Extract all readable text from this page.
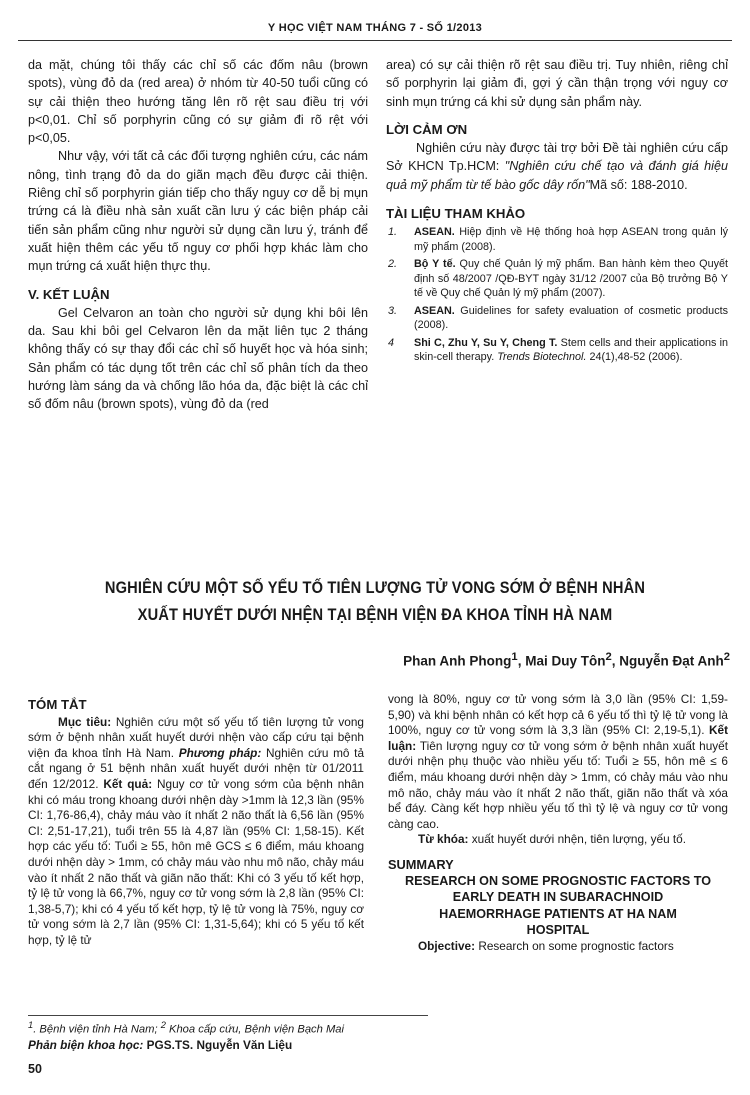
Y HỌC VIỆT NAM THÁNG 7 - SỐ 1/2013

da mặt, chúng tôi thấy các chỉ số các đốm nâu (brown spots), vùng đỏ da (red area) ở nhóm từ 40-50 tuổi cũng có sự cải thiện theo hướng tăng lên rõ rệt sau điều trị với p<0,01. Chỉ số porphyrin cũng có sự giảm đi rõ rệt với p<0,05.

Như vậy, với tất cả các đối tượng nghiên cứu, các nám nông, tình trạng đỏ da do giãn mạch đều được cải thiện. Riêng chỉ số porphyrin gián tiếp cho thấy nguy cơ dễ bị mụn trứng cá là điều nhà sản xuất cần lưu ý các biện pháp cải tiến sản phẩm cũng như người sử dụng cần lưu ý, tránh để xuất hiện thêm các yếu tố nguy cơ phối hợp khác làm cho mụn trứng cá xuất hiện thực thụ.

V. KẾT LUẬN

Gel Celvaron an toàn cho người sử dụng khi bôi lên da. Sau khi bôi gel Celvaron lên da mặt liên tục 2 tháng không thấy có sự thay đổi các chỉ số huyết học và hóa sinh; Sản phẩm có tác dụng tốt trên các chỉ số phân tích da theo hướng làm sáng da và chống lão hóa da, đặc biệt là các chỉ số đốm nâu (brown spots), vùng đỏ da (red

area) có sự cải thiện rõ rệt sau điều trị. Tuy nhiên, riêng chỉ số porphyrin lại giảm đi, gợi ý cần thận trọng với nguy cơ sinh mụn trứng cá khi sử dụng sản phẩm này.

LỜI CẢM ƠN

Nghiên cứu này được tài trợ bởi Đề tài nghiên cứu cấp Sở KHCN Tp.HCM: "Nghiên cứu chế tạo và đánh giá hiệu quả mỹ phẩm từ tế bào gốc dây rốn"Mã số: 188-2010.

TÀI LIỆU THAM KHẢO

1. ASEAN. Hiệp định về Hệ thống hoà hợp ASEAN trong quản lý mỹ phẩm (2008).
2. Bộ Y tế. Quy chế Quản lý mỹ phẩm. Ban hành kèm theo Quyết định số 48/2007 /QĐ-BYT ngày 31/12 /2007 của Bộ trưởng Bộ Y tế về Quy chế Quản lý mỹ phẩm (2007).
3. ASEAN. Guidelines for safety evaluation of cosmetic products (2008).
4 Shi C, Zhu Y, Su Y, Cheng T. Stem cells and their applications in skin-cell therapy. Trends Biotechnol. 24(1),48-52 (2006).
NGHIÊN CỨU MỘT SỐ YẾU TỐ TIÊN LƯỢNG TỬ VONG SỚM Ở BỆNH NHÂN
XUẤT HUYẾT DƯỚI NHỆN TẠI BỆNH VIỆN ĐA KHOA TỈNH HÀ NAM
Phan Anh Phong$^1$, Mai Duy Tôn$^2$, Nguyễn Đạt Anh$^2$

TÓM TẮT

Mục tiêu: Nghiên cứu một số yếu tố tiên lượng tử vong sớm ở bệnh nhân xuất huyết dưới nhện vào cấp cứu tại bệnh viện đa khoa tỉnh Hà Nam. Phương pháp: Nghiên cứu mô tả cắt ngang ở 51 bệnh nhân xuất huyết dưới nhện từ 01/2011 đến 12/2012. Kết quả: Nguy cơ tử vong sớm của bệnh nhân khi có máu trong khoang dưới nhện dày >1mm là 12,3 lần (95% CI: 1,76-86,4), chảy máu vào ít nhất 2 não thất là 6,56 lần (95% CI: 2,51-17,21), tuổi trên 55 là 4,87 lần (95% CI: 1,58-15). Kết hợp các yếu tố: Tuổi ≥ 55, hôn mê GCS ≤ 6 điểm, máu khoang dưới nhện dày > 1mm, có chảy máu vào nhu mô não, chảy máu vào ít nhất 2 não thất và giãn não thất: Khi có 3 yếu tố kết hợp, tỷ lệ tử vong là 66,7%, nguy cơ tử vong sớm là 2,8 lần (95% CI: 1,38-5,7); khi có 4 yếu tố kết hợp, tỷ lệ tử vong là 75%, nguy cơ tử vong sớm là 2,7 lần (95% CI: 1,31-5,64); khi có 5 yếu tố kết hợp, tỷ lệ tử

vong là 80%, nguy cơ tử vong sớm là 3,0 lần (95% CI: 1,59-5,90) và khi bệnh nhân có kết hợp cả 6 yếu tố thì tỷ lệ tử vong là 100%, nguy cơ tử vong sớm là 3,3 lần (95% CI: 2,19-5,1). Kết luận: Tiên lượng nguy cơ tử vong sớm ở bệnh nhân xuất huyết dưới nhện phụ thuộc vào nhiều yếu tố: Tuổi ≥ 55, hôn mê ≤ 6 điểm, máu khoang dưới nhện dày > 1mm, có chảy máu vào nhu mô não, chảy máu vào ít nhất 2 não thất, giãn não thất và xóa bể đáy. Càng kết hợp nhiều yếu tố thì tỷ lệ và nguy cơ tử vong càng cao.

Từ khóa: xuất huyết dưới nhện, tiên lượng, yếu tố.

SUMMARY

RESEARCH ON SOME PROGNOSTIC FACTORS TO

EARLY DEATH IN SUBARACHNOID

HAEMORRHAGE PATIENTS AT HA NAM

HOSPITAL

Objective: Research on some prognostic factors

$^1$. Bệnh viện tỉnh Hà Nam; $^2$ Khoa cấp cứu, Bệnh viện Bạch Mai
Phản biện khoa học: PGS.TS. Nguyễn Văn Liệu
50
